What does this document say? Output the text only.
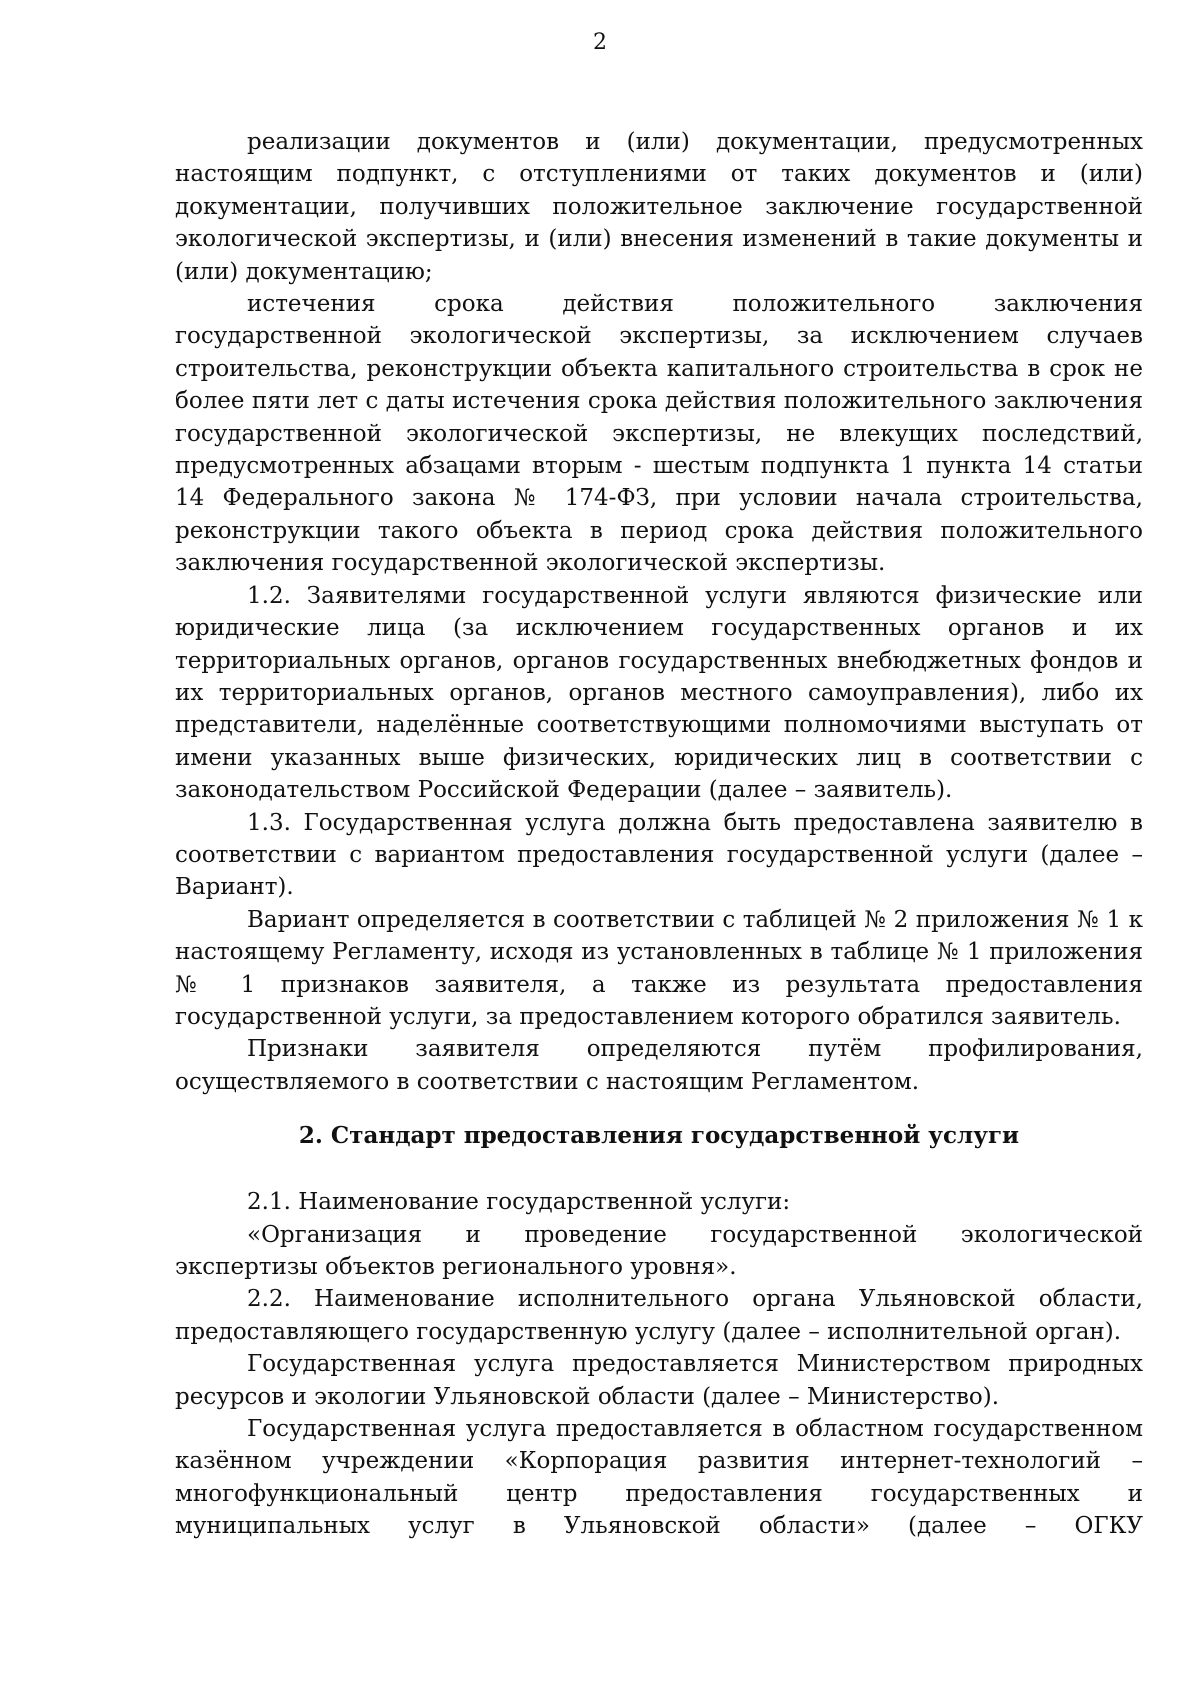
2

реализации документов и (или) документации, предусмотренных настоящим подпункт, с отступлениями от таких документов и (или) документации, получивших положительное заключение государственной экологической экспертизы, и (или) внесения изменений в такие документы и (или) документацию;

истечения срока действия положительного заключения государственной экологической экспертизы, за исключением случаев строительства, реконструкции объекта капитального строительства в срок не более пяти лет с даты истечения срока действия положительного заключения государственной экологической экспертизы, не влекущих последствий, предусмотренных абзацами вторым - шестым подпункта 1 пункта 14 статьи 14 Федерального закона № 174-ФЗ, при условии начала строительства, реконструкции такого объекта в период срока действия положительного заключения государственной экологической экспертизы.

1.2. Заявителями государственной услуги являются физические или юридические лица (за исключением государственных органов и их территориальных органов, органов государственных внебюджетных фондов и их территориальных органов, органов местного самоуправления), либо их представители, наделённые соответствующими полномочиями выступать от имени указанных выше физических, юридических лиц в соответствии с законодательством Российской Федерации (далее – заявитель).

1.3. Государственная услуга должна быть предоставлена заявителю в соответствии с вариантом предоставления государственной услуги (далее – Вариант).

Вариант определяется в соответствии с таблицей № 2 приложения № 1 к настоящему Регламенту, исходя из установленных в таблице № 1 приложения № 1 признаков заявителя, а также из результата предоставления государственной услуги, за предоставлением которого обратился заявитель.

Признаки заявителя определяются путём профилирования, осуществляемого в соответствии с настоящим Регламентом.

2. Стандарт предоставления государственной услуги

2.1. Наименование государственной услуги:

«Организация и проведение государственной экологической экспертизы объектов регионального уровня».

2.2. Наименование исполнительного органа Ульяновской области, предоставляющего государственную услугу (далее – исполнительной орган).

Государственная услуга предоставляется Министерством природных ресурсов и экологии Ульяновской области (далее – Министерство).

Государственная услуга предоставляется в областном государственном казённом учреждении «Корпорация развития интернет-технологий – многофункциональный центр предоставления государственных и муниципальных услуг в Ульяновской области» (далее – ОГКУ
